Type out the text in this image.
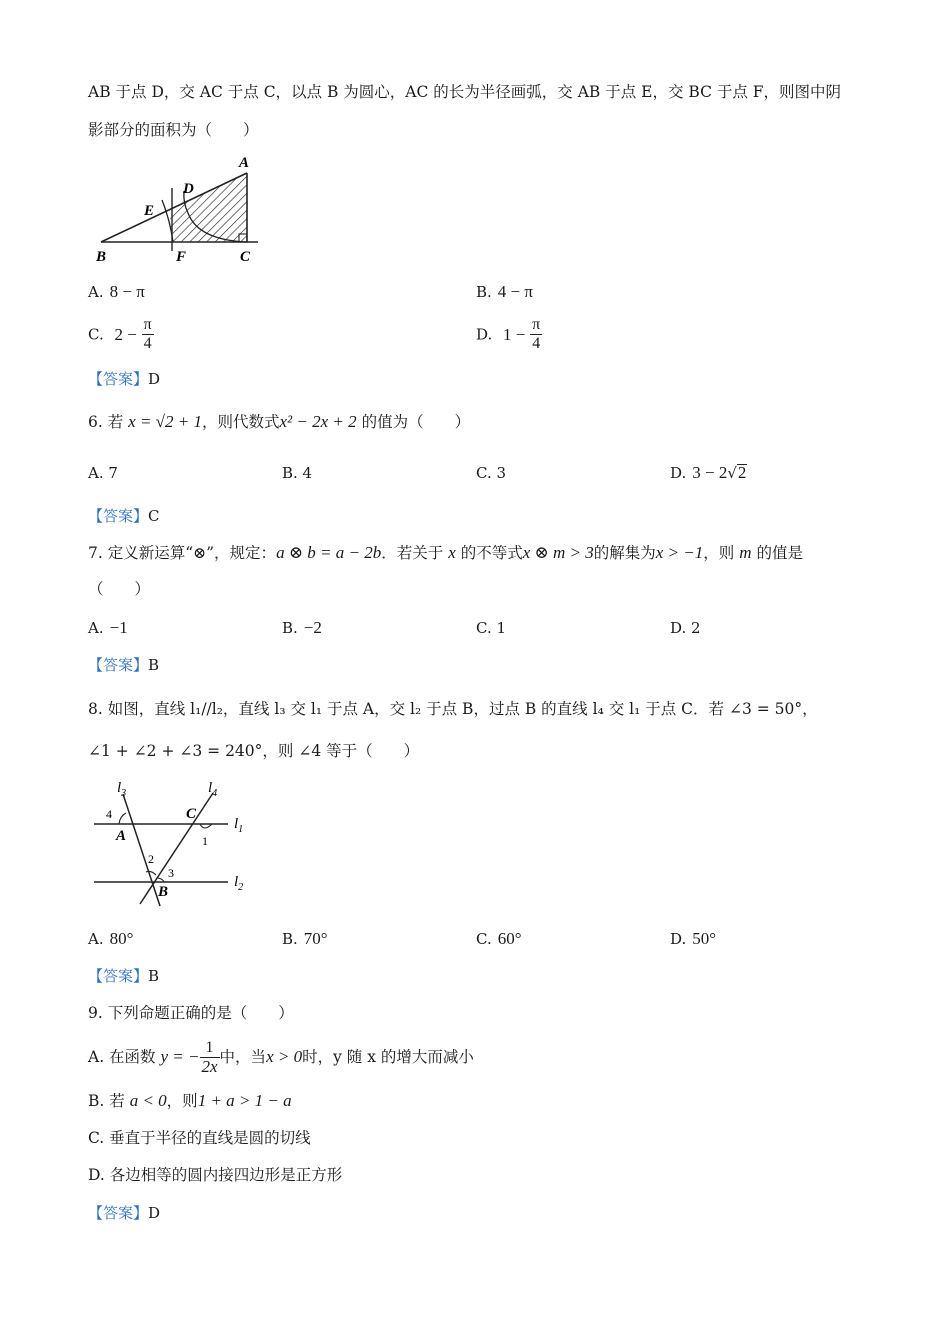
AB 于点 D，交 AC 于点 C，以点 B 为圆心，AC 的长为半径画弧，交 AB 于点 E，交 BC 于点 F，则图中阴
影部分的面积为（　　）
A
B	C
D
E
F
A. 8 − π	B. 4 − π
C. $2 - \frac{\pi}{4}$	D. $1 - \frac{\pi}{4}$
【答案】D
6. 若 x = √2 + 1，则代数式x² − 2x + 2 的值为（　　）
A. 7	B. 4	C. 3	D. 3 − 2√2
【答案】C
7. 定义新运算“⊗”，规定：a ⊗ b = a − 2b．若关于 x 的不等式x ⊗ m > 3的解集为x > −1，则 m 的值是
（　　）
A. −1	B. −2	C. 1	D. 2
【答案】B
8. 如图，直线 l₁//l₂，直线 l₃ 交 l₁ 于点 A，交 l₂ 于点 B，过点 B 的直线 l₄ 交 l₁ 于点 C．若 ∠3 = 50°，
∠1 + ∠2 + ∠3 = 240°，则 ∠4 等于（　　）
$l_3$	$l_4$
$l_1$
$l_2$
A
B
C
1
2
3
4
A. 80°	B. 70°	C. 60°	D. 50°
【答案】B
9. 下列命题正确的是（　　）
A. 在函数 y = − $\frac{1}{2x}$ 中，当x > 0时，y 随 x 的增大而减小
B. 若 a < 0，则1 + a > 1 − a
C. 垂直于半径的直线是圆的切线
D. 各边相等的圆内接四边形是正方形
【答案】D
